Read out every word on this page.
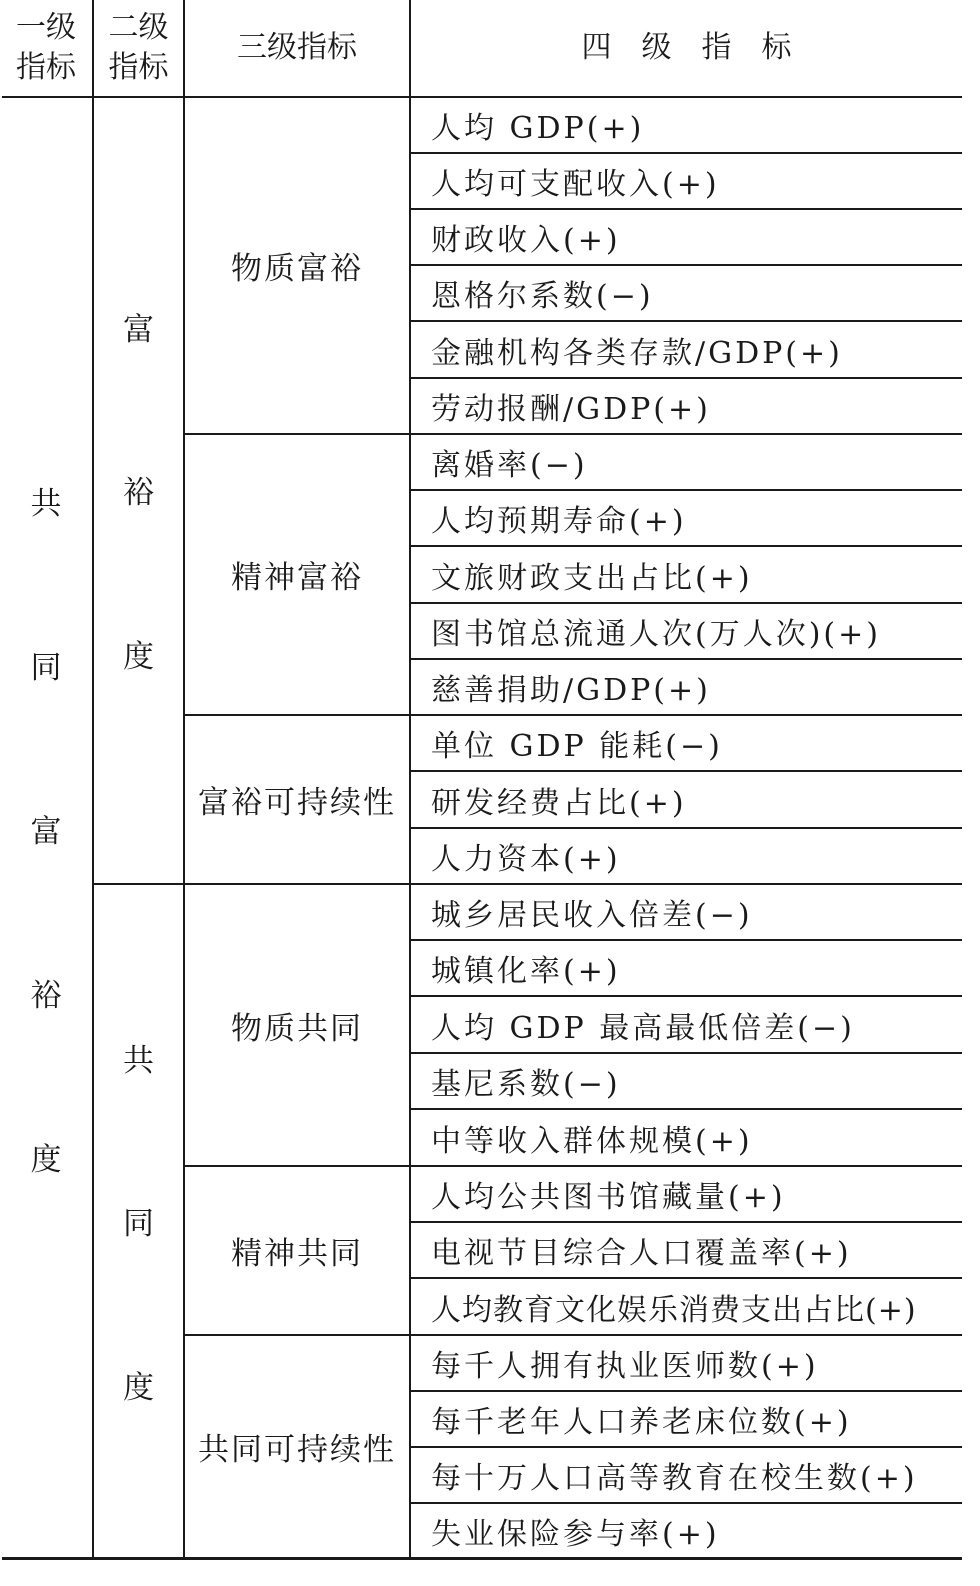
一级
指标
二级
指标
三级指标	四　级　指　标
共
同
富
裕
度
富
裕
度
共
同
度
物质富裕
精神富裕
富裕可持续性
物质共同
精神共同
共同可持续性
人均 GDP(+)
人均可支配收入(+)
财政收入(+)
恩格尔系数(−)
金融机构各类存款/GDP(+)
劳动报酬/GDP(+)
离婚率(−)
人均预期寿命(+)
文旅财政支出占比(+)
图书馆总流通人次(万人次)(+)
慈善捐助/GDP(+)
单位 GDP 能耗(−)
研发经费占比(+)
人力资本(+)
城乡居民收入倍差(−)
城镇化率(+)
人均 GDP 最高最低倍差(−)
基尼系数(−)
中等收入群体规模(+)
人均公共图书馆藏量(+)
电视节目综合人口覆盖率(+)
人均教育文化娱乐消费支出占比(+)
每千人拥有执业医师数(+)
每千老年人口养老床位数(+)
每十万人口高等教育在校生数(+)
失业保险参与率(+)
